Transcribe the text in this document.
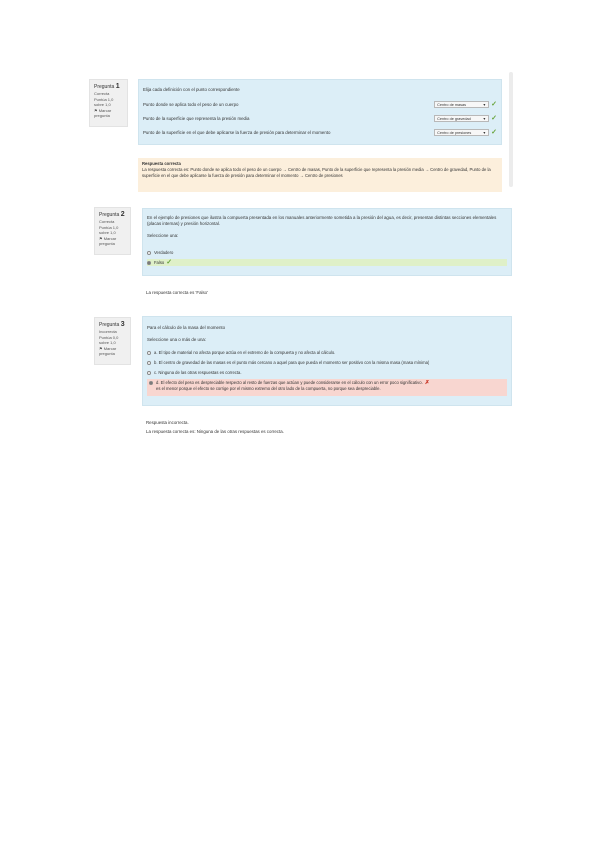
Pregunta 1
Correcta
Puntúa 1,0 sobre 1,0
⚑ Marcar pregunta
Elija cada definición con el punto correspondiente
Punto donde se aplica todo el peso de un cuerpo	Centro de masas	▼ ✓
Punto de la superficie que representa la presión media	Centro de gravedad	▼ ✓
Punto de la superficie en el que debe aplicarse la fuerza de presión para determinar el momento	Centro de presiones	▼ ✓
Respuesta correcta
La respuesta correcta es: Punto donde se aplica todo el peso de un cuerpo → Centro de masas, Punto de la superficie que representa la presión media → Centro de gravedad, Punto de la superficie en el que debe aplicarse la fuerza de presión para determinar el momento → Centro de presiones
Pregunta 2
Correcta
Puntúa 1,0 sobre 1,0
⚑ Marcar pregunta
En el ejemplo de presiones que ilustra la compuerta presentada en los manuales anteriormente sometida a la presión del agua, es decir, presentan distintas secciones elementales (placas internas) y presión horizontal.
Seleccione una:
Verdadero
Falso ✓
La respuesta correcta es 'Falso'
Pregunta 3
Incorrecta
Puntúa 0,0 sobre 1,0
⚑ Marcar pregunta
Para el cálculo de la masa del momento
Seleccione una o más de una:
a. El tipo de material no afecta porque actúa en el extremo de la compuerta y no afecta al cálculo.
b. El centro de gravedad de las masas es el punto más cercano a aquel para que pueda el momento ser positivo con la misma masa (masa mínima)
c. Ninguna de las otras respuestas es correcta.
d. El efecto del peso es despreciable respecto al resto de fuerzas que actúan y puede considerarse en el cálculo con un error poco significativo. ✗
es el menor porque el efecto se corrige por el mismo extremo del otro lado de la compuerta, no porque sea despreciable.
Respuesta incorrecta.
La respuesta correcta es: Ninguna de las otras respuestas es correcta.
